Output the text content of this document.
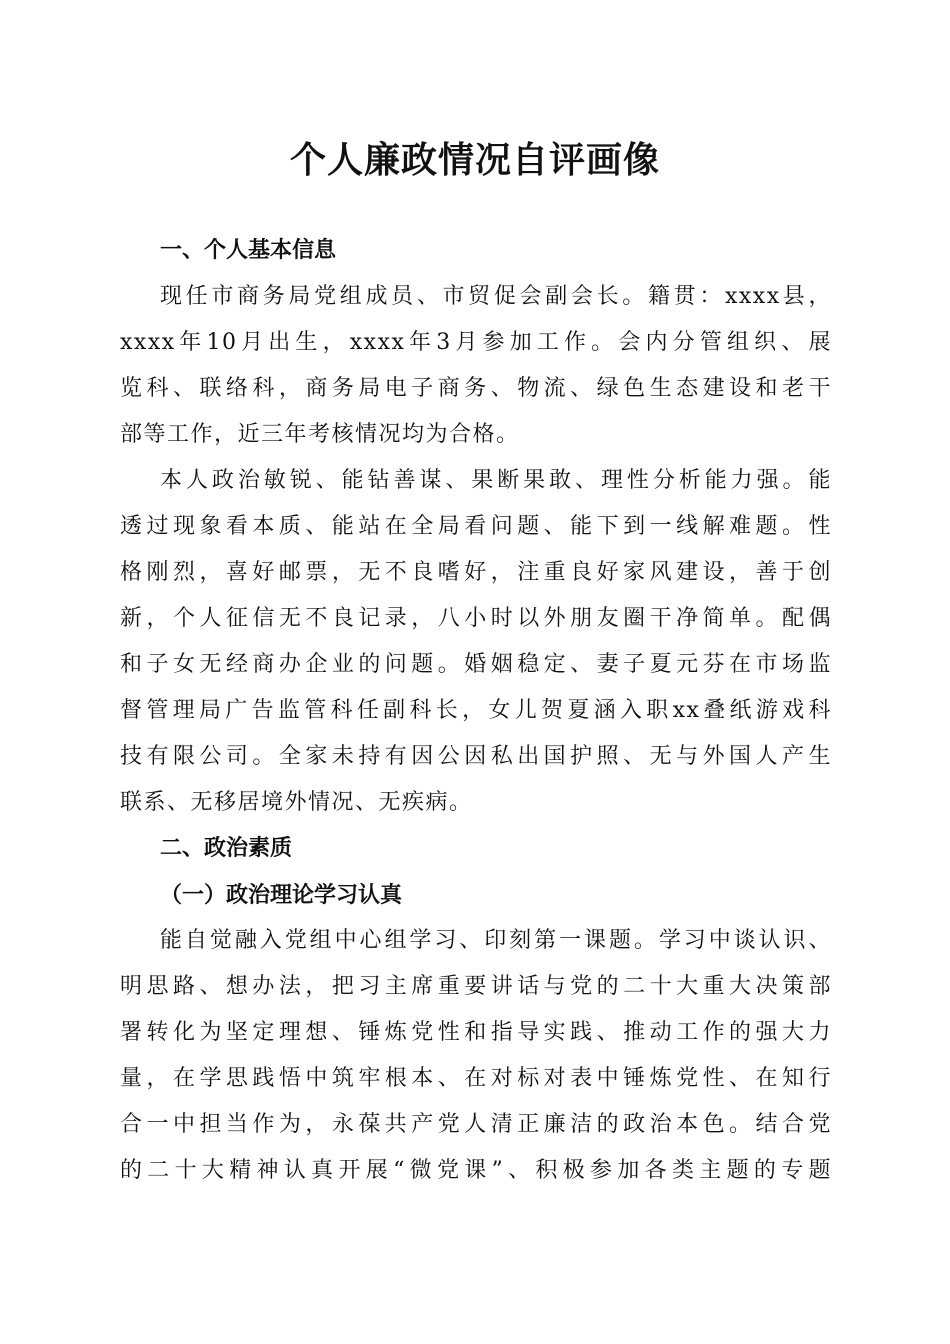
个人廉政情况自评画像
一、个人基本信息
现任市商务局党组成员、市贸促会副会长。籍贯：xxxx县，
xxxx年10月出生，xxxx年3月参加工作。会内分管组织、展
览科、联络科，商务局电子商务、物流、绿色生态建设和老干
部等工作，近三年考核情况均为合格。
本人政治敏锐、能钻善谋、果断果敢、理性分析能力强。能
透过现象看本质、能站在全局看问题、能下到一线解难题。性
格刚烈，喜好邮票，无不良嗜好，注重良好家风建设，善于创
新，个人征信无不良记录，八小时以外朋友圈干净简单。配偶
和子女无经商办企业的问题。婚姻稳定、妻子夏元芬在市场监
督管理局广告监管科任副科长，女儿贺夏涵入职xx叠纸游戏科
技有限公司。全家未持有因公因私出国护照、无与外国人产生
联系、无移居境外情况、无疾病。
二、政治素质
（一）政治理论学习认真
能自觉融入党组中心组学习、印刻第一课题。学习中谈认识、
明思路、想办法，把习主席重要讲话与党的二十大重大决策部
署转化为坚定理想、锤炼党性和指导实践、推动工作的强大力
量，在学思践悟中筑牢根本、在对标对表中锤炼党性、在知行
合一中担当作为，永葆共产党人清正廉洁的政治本色。结合党
的二十大精神认真开展“微党课”、积极参加各类主题的专题
